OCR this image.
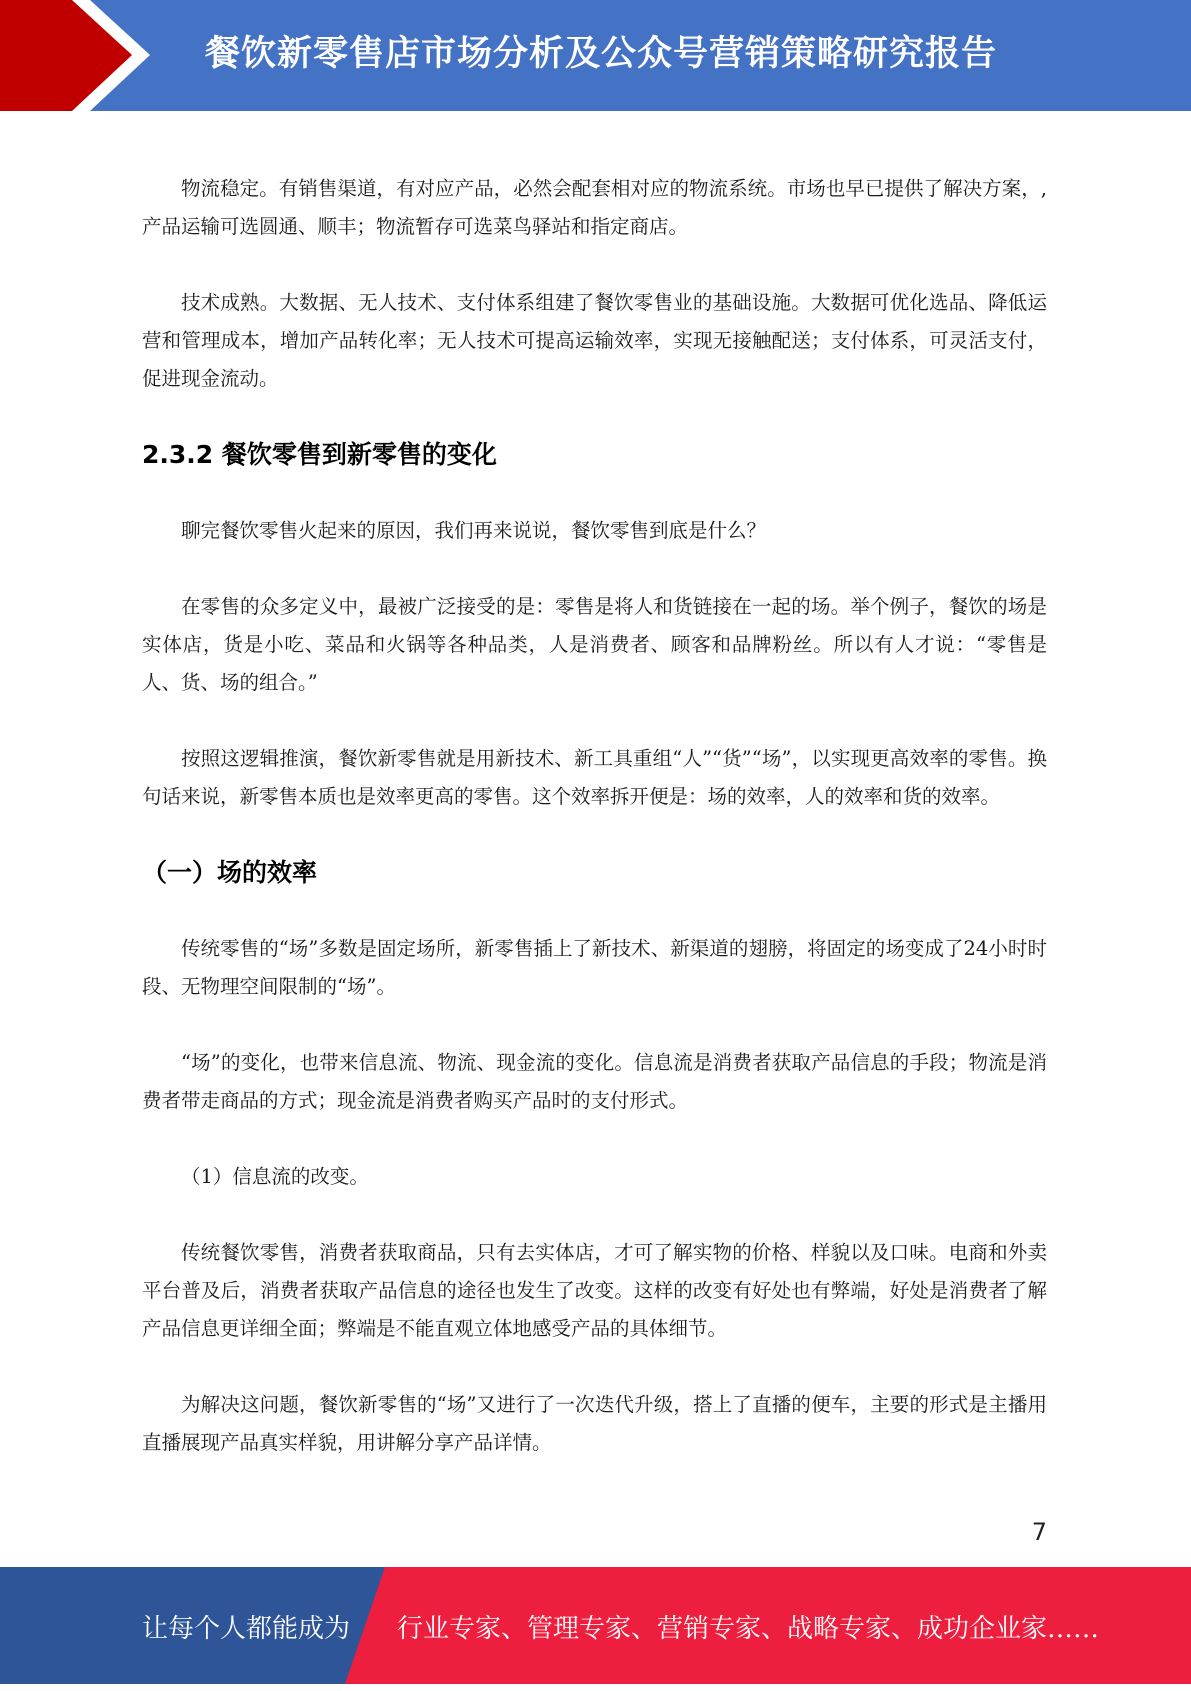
餐饮新零售店市场分析及公众号营销策略研究报告

物流稳定。有销售渠道，有对应产品，必然会配套相对应的物流系统。市场也早已提供了解决方案，,产品运输可选圆通、顺丰；物流暂存可选菜鸟驿站和指定商店。

技术成熟。大数据、无人技术、支付体系组建了餐饮零售业的基础设施。大数据可优化选品、降低运营和管理成本，增加产品转化率；无人技术可提高运输效率，实现无接触配送；支付体系，可灵活支付，促进现金流动。

2.3.2 餐饮零售到新零售的变化

聊完餐饮零售火起来的原因，我们再来说说，餐饮零售到底是什么？

在零售的众多定义中，最被广泛接受的是：零售是将人和货链接在一起的场。举个例子，餐饮的场是实体店，货是小吃、菜品和火锅等各种品类，人是消费者、顾客和品牌粉丝。所以有人才说：“零售是人、货、场的组合。”

按照这逻辑推演，餐饮新零售就是用新技术、新工具重组“人”“货”“场”，以实现更高效率的零售。换句话来说，新零售本质也是效率更高的零售。这个效率拆开便是：场的效率，人的效率和货的效率。

（一）场的效率

传统零售的“场”多数是固定场所，新零售插上了新技术、新渠道的翅膀，将固定的场变成了24小时时段、无物理空间限制的“场”。

“场”的变化，也带来信息流、物流、现金流的变化。信息流是消费者获取产品信息的手段；物流是消费者带走商品的方式；现金流是消费者购买产品时的支付形式。

（1）信息流的改变。

传统餐饮零售，消费者获取商品，只有去实体店，才可了解实物的价格、样貌以及口味。电商和外卖平台普及后，消费者获取产品信息的途径也发生了改变。这样的改变有好处也有弊端，好处是消费者了解产品信息更详细全面；弊端是不能直观立体地感受产品的具体细节。

为解决这问题，餐饮新零售的“场”又进行了一次迭代升级，搭上了直播的便车，主要的形式是主播用直播展现产品真实样貌，用讲解分享产品详情。

7
让每个人都能成为 行业专家、管理专家、营销专家、战略专家、成功企业家……
